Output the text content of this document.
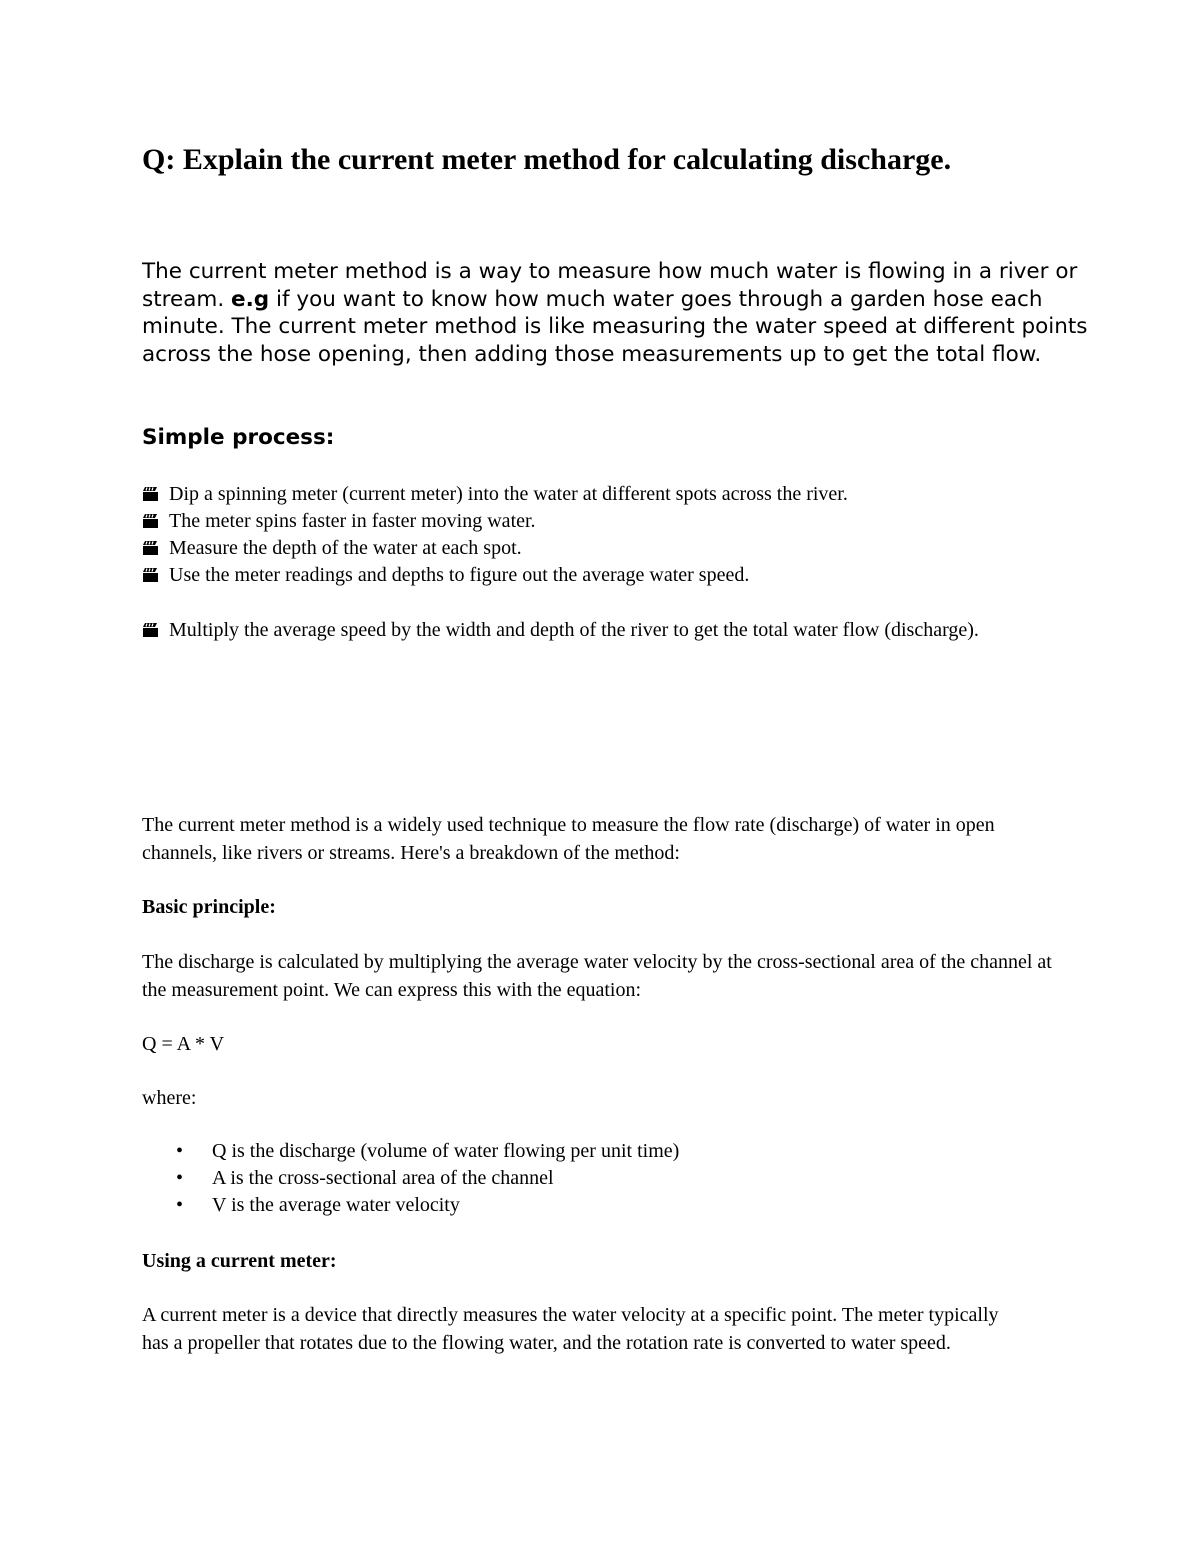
Q: Explain the current meter method for calculating discharge.

The current meter method is a way to measure how much water is flowing in a river or stream. e.g if you want to know how much water goes through a garden hose each minute. The current meter method is like measuring the water speed at different points across the hose opening, then adding those measurements up to get the total flow.

Simple process:
Dip a spinning meter (current meter) into the water at different spots across the river.
The meter spins faster in faster moving water.
Measure the depth of the water at each spot.
Use the meter readings and depths to figure out the average water speed.

Multiply the average speed by the width and depth of the river to get the total water flow (discharge).

The current meter method is a widely used technique to measure the flow rate (discharge) of water in open channels, like rivers or streams. Here's a breakdown of the method:

Basic principle:

The discharge is calculated by multiplying the average water velocity by the cross-sectional area of the channel at the measurement point. We can express this with the equation:

Q = A * V

where:

• Q is the discharge (volume of water flowing per unit time)
• A is the cross-sectional area of the channel
• V is the average water velocity

Using a current meter:

A current meter is a device that directly measures the water velocity at a specific point. The meter typically has a propeller that rotates due to the flowing water, and the rotation rate is converted to water speed.
